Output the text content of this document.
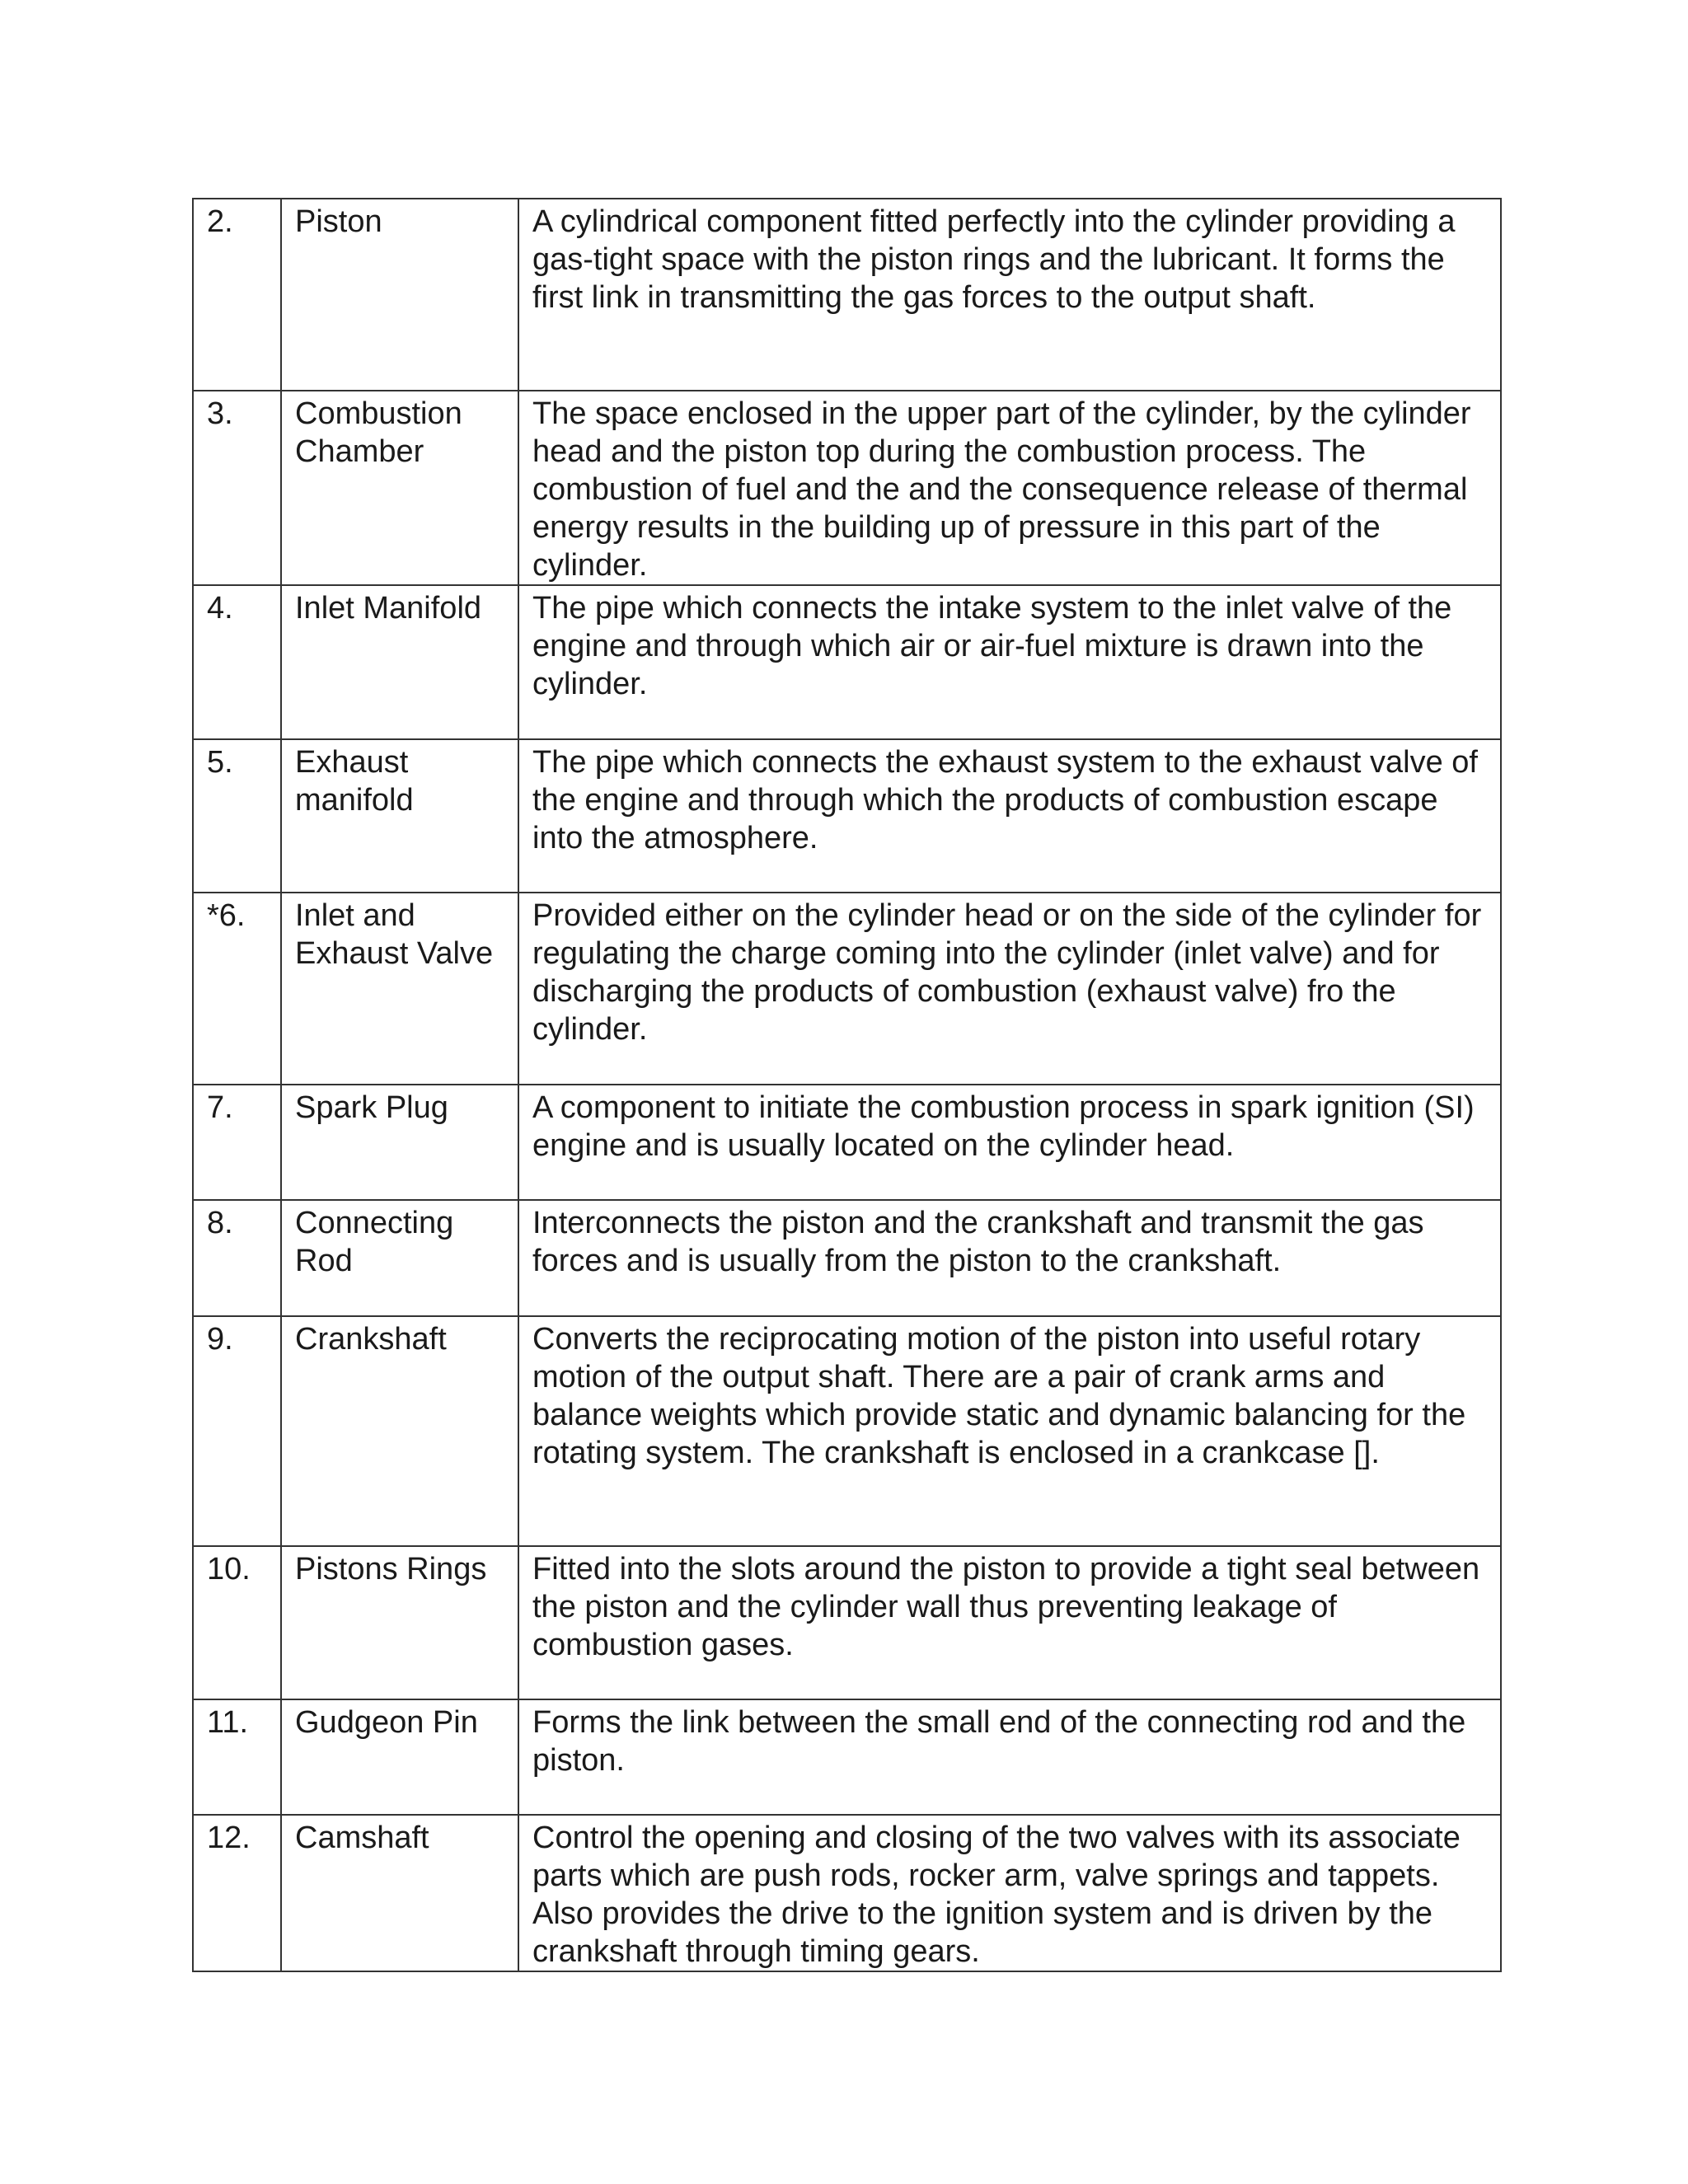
2.	Piston	A cylindrical component fitted perfectly into the cylinder providing a gas-tight space with the piston rings and the lubricant. It forms the first link in transmitting the gas forces to the output shaft.
3.	Combustion Chamber	The space enclosed in the upper part of the cylinder, by the cylinder head and the piston top during the combustion process. The combustion of fuel and the and the consequence release of thermal energy results in the building up of pressure in this part of the cylinder.
4.	Inlet Manifold	The pipe which connects the intake system to the inlet valve of the engine and through which air or air-fuel mixture is drawn into the cylinder.
5.	Exhaust manifold	The pipe which connects the exhaust system to the exhaust valve of the engine and through which the products of combustion escape into the atmosphere.
*6.	Inlet and Exhaust Valve	Provided either on the cylinder head or on the side of the cylinder for regulating the charge coming into the cylinder (inlet valve) and for discharging the products of combustion (exhaust valve) fro the cylinder.
7.	Spark Plug	A component to initiate the combustion process in spark ignition (SI) engine and is usually located on the cylinder head.
8.	Connecting Rod	Interconnects the piston and the crankshaft and transmit the gas forces and is usually from the piston to the crankshaft.
9.	Crankshaft	Converts the reciprocating motion of the piston into useful rotary motion of the output shaft. There are a pair of crank arms and balance weights which provide static and dynamic balancing for the rotating system. The crankshaft is enclosed in a crankcase [].
10.	Pistons Rings	Fitted into the slots around the piston to provide a tight seal between the piston and the cylinder wall thus preventing leakage of combustion gases.
11.	Gudgeon Pin	Forms the link between the small end of the connecting rod and the piston.
12.	Camshaft	Control the opening and closing of the two valves with its associate parts which are push rods, rocker arm, valve springs and tappets. Also provides the drive to the ignition system and is driven by the crankshaft through timing gears.
